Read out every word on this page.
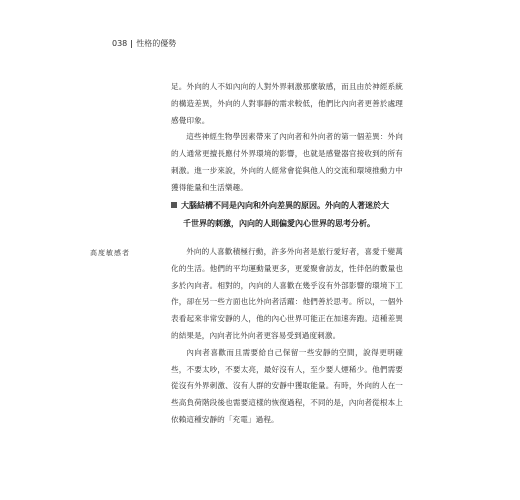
038 性格的優勢

足。外向的人不如內向的人對外界刺激那麼敏感，而且由於神經系統的構造差異，外向的人對事靜的需求較低，他們比內向者更善於處理感覺印象。

這些神經生物學因素帶來了內向者和外向者的第一個差異：外向的人通常更擅長應付外界環境的影響，也就是感覺器官接收到的所有刺激。進一步來說，外向的人經常會從與他人的交流和環境推動力中獲得能量和生活樂趣。

大腦結構不同是內向和外向差異的原因。外向的人著迷於大
千世界的刺激，內向的人則偏愛內心世界的思考分析。
高度敏感者	外向的人喜歡積極行動，許多外向者是旅行愛好者，喜愛千變萬化的生活。他們的平均運動量更多，更愛聚會訪友，性伴侶的數量也多於內向者。相對的，內向的人喜歡在幾乎沒有外部影響的環境下工作，卻在另一些方面也比外向者活躍：他們善於思考。所以，一個外表看起來非常安靜的人，他的內心世界可能正在加速奔跑。這種差異的結果是，內向者比外向者更容易受到過度刺激。

內向者喜歡而且需要給自己保留一些安靜的空間，說得更明確些，不要太吵，不要太亮，最好沒有人，至少要人煙稀少。他們需要從沒有外界刺激、沒有人群的安靜中獲取能量。有時，外向的人在一些高負荷階段後也需要這樣的恢復過程，不同的是，內向者從根本上依賴這種安靜的「充電」過程。
